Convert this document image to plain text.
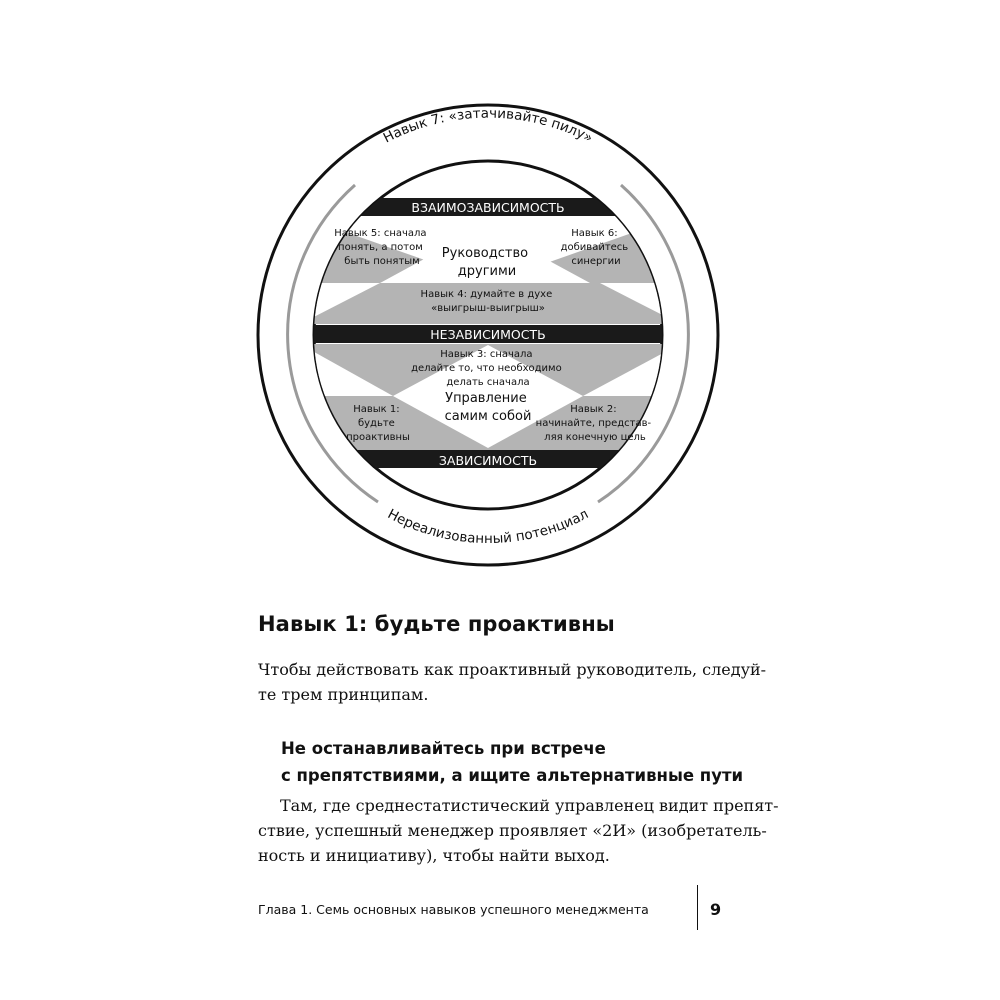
Навык 7: «затачивайте пилу»
Нереализованный потенциал
ВЗАИМОЗАВИСИМОСТЬ
НЕЗАВИСИМОСТЬ
ЗАВИСИМОСТЬ
Навык 5: сначала понять, а потом быть понятым
Навык 6: добивайтесь синергии
Руководство другими
Навык 4: думайте в духе «выигрыш-выигрыш»
Навык 3: сначала делайте то, что необходимо делать сначала
Управление самим собой
Навык 1: будьте проактивны
Навык 2: начинайте, представ- ляя конечную цель
Навык 1: будьте проактивны

Чтобы действовать как проактивный руководитель, следуй-
те трем принципам.

Не останавливайтесь при встрече
с препятствиями, а ищите альтернативные пути

Там, где среднестатистический управленец видит препят-
ствие, успешный менеджер проявляет «2И» (изобретатель-
ность и инициативу), чтобы найти выход.

Глава 1. Семь основных навыков успешного менеджмента	9
